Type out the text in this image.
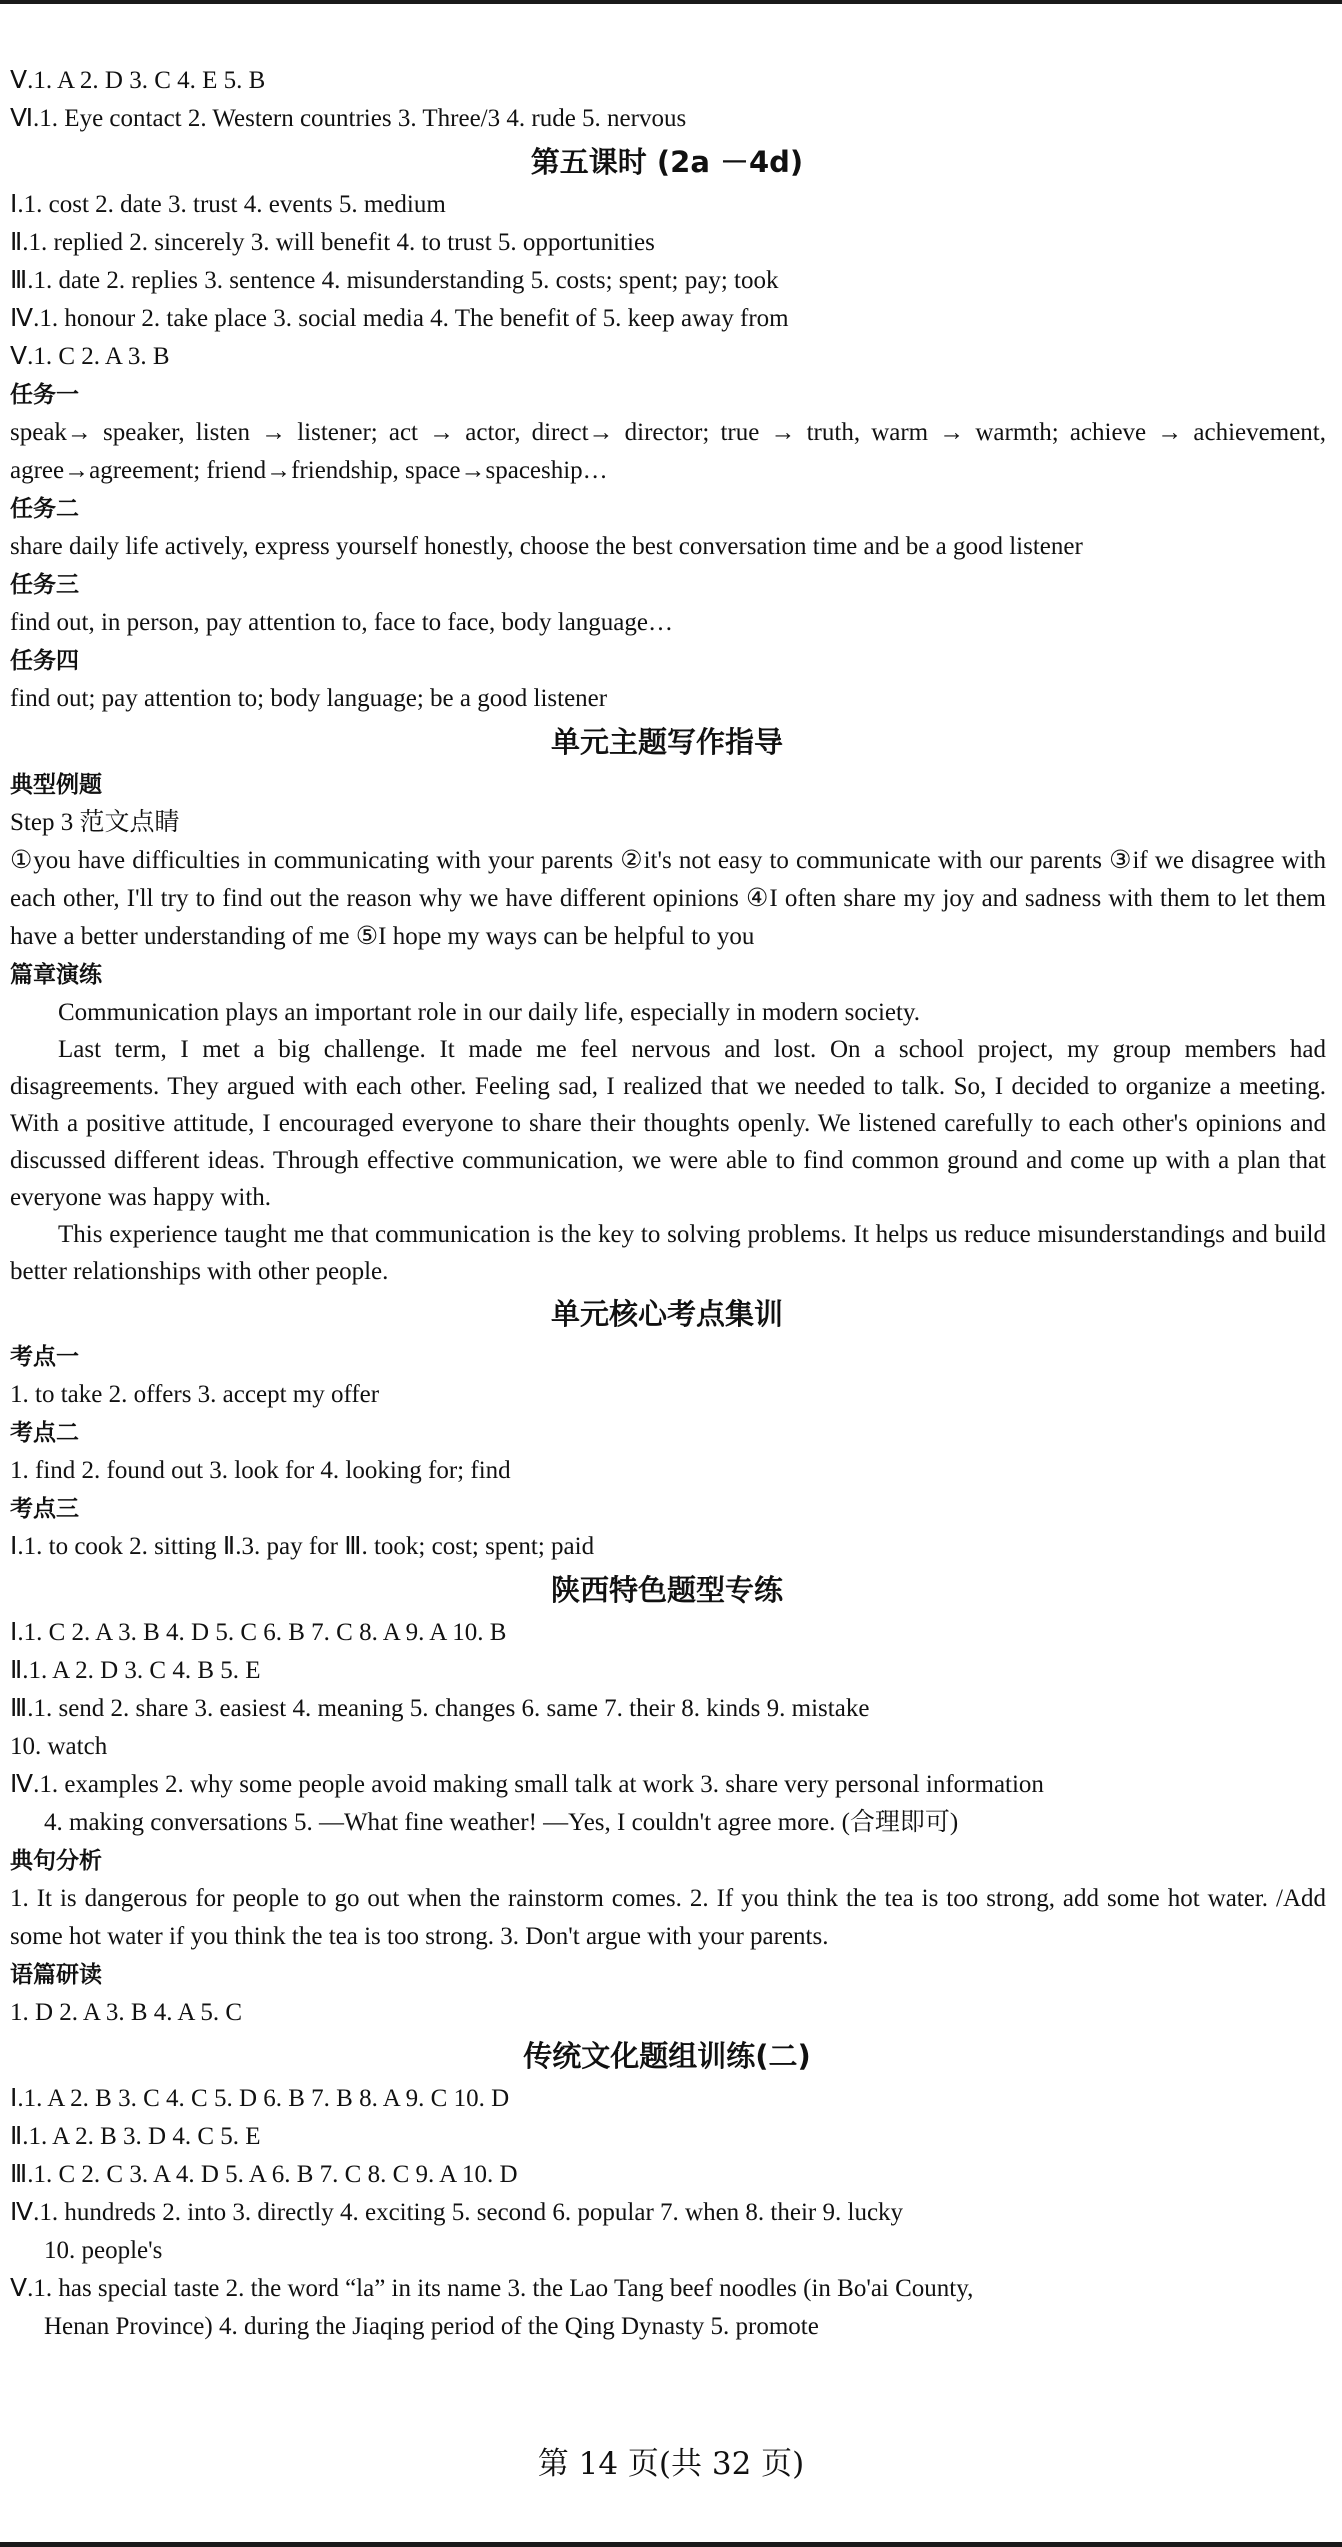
Ⅴ.1. A 2. D 3. C 4. E 5. B
Ⅵ.1. Eye contact 2. Western countries 3. Three/3 4. rude 5. nervous
第五课时 (2a －4d)
Ⅰ.1. cost 2. date 3. trust 4. events 5. medium
Ⅱ.1. replied 2. sincerely 3. will benefit 4. to trust 5. opportunities
Ⅲ.1. date 2. replies 3. sentence 4. misunderstanding 5. costs; spent; pay; took
Ⅳ.1. honour 2. take place 3. social media 4. The benefit of 5. keep away from
Ⅴ.1. C 2. A 3. B
任务一
speak→ speaker, listen → listener; act → actor, direct→ director; true → truth, warm → warmth; achieve → achievement, agree→agreement; friend→friendship, space→spaceship…
任务二
share daily life actively, express yourself honestly, choose the best conversation time and be a good listener
任务三
find out, in person, pay attention to, face to face, body language…
任务四
find out; pay attention to; body language; be a good listener
单元主题写作指导
典型例题
Step 3 范文点睛
①you have difficulties in communicating with your parents ②it's not easy to communicate with our parents ③if we disagree with each other, I'll try to find out the reason why we have different opinions ④I often share my joy and sadness with them to let them have a better understanding of me ⑤I hope my ways can be helpful to you
篇章演练
Communication plays an important role in our daily life, especially in modern society.
Last term, I met a big challenge. It made me feel nervous and lost. On a school project, my group members had disagreements. They argued with each other. Feeling sad, I realized that we needed to talk. So, I decided to organize a meeting. With a positive attitude, I encouraged everyone to share their thoughts openly. We listened carefully to each other's opinions and discussed different ideas. Through effective communication, we were able to find common ground and come up with a plan that everyone was happy with.
This experience taught me that communication is the key to solving problems. It helps us reduce misunderstandings and build better relationships with other people.
单元核心考点集训
考点一
1. to take 2. offers 3. accept my offer
考点二
1. find 2. found out 3. look for 4. looking for; find
考点三
Ⅰ.1. to cook 2. sitting Ⅱ.3. pay for Ⅲ. took; cost; spent; paid
陕西特色题型专练
Ⅰ.1. C 2. A 3. B 4. D 5. C 6. B 7. C 8. A 9. A 10. B
Ⅱ.1. A 2. D 3. C 4. B 5. E
Ⅲ.1. send 2. share 3. easiest 4. meaning 5. changes 6. same 7. their 8. kinds 9. mistake
10. watch
Ⅳ.1. examples 2. why some people avoid making small talk at work 3. share very personal information
4. making conversations 5. —What fine weather! —Yes, I couldn't agree more. (合理即可)
典句分析
1. It is dangerous for people to go out when the rainstorm comes. 2. If you think the tea is too strong, add some hot water. /Add some hot water if you think the tea is too strong. 3. Don't argue with your parents.
语篇研读
1. D 2. A 3. B 4. A 5. C
传统文化题组训练(二)
Ⅰ.1. A 2. B 3. C 4. C 5. D 6. B 7. B 8. A 9. C 10. D
Ⅱ.1. A 2. B 3. D 4. C 5. E
Ⅲ.1. C 2. C 3. A 4. D 5. A 6. B 7. C 8. C 9. A 10. D
Ⅳ.1. hundreds 2. into 3. directly 4. exciting 5. second 6. popular 7. when 8. their 9. lucky
10. people's
Ⅴ.1. has special taste 2. the word “la” in its name 3. the Lao Tang beef noodles (in Bo'ai County,
Henan Province) 4. during the Jiaqing period of the Qing Dynasty 5. promote
第 14 页(共 32 页)
